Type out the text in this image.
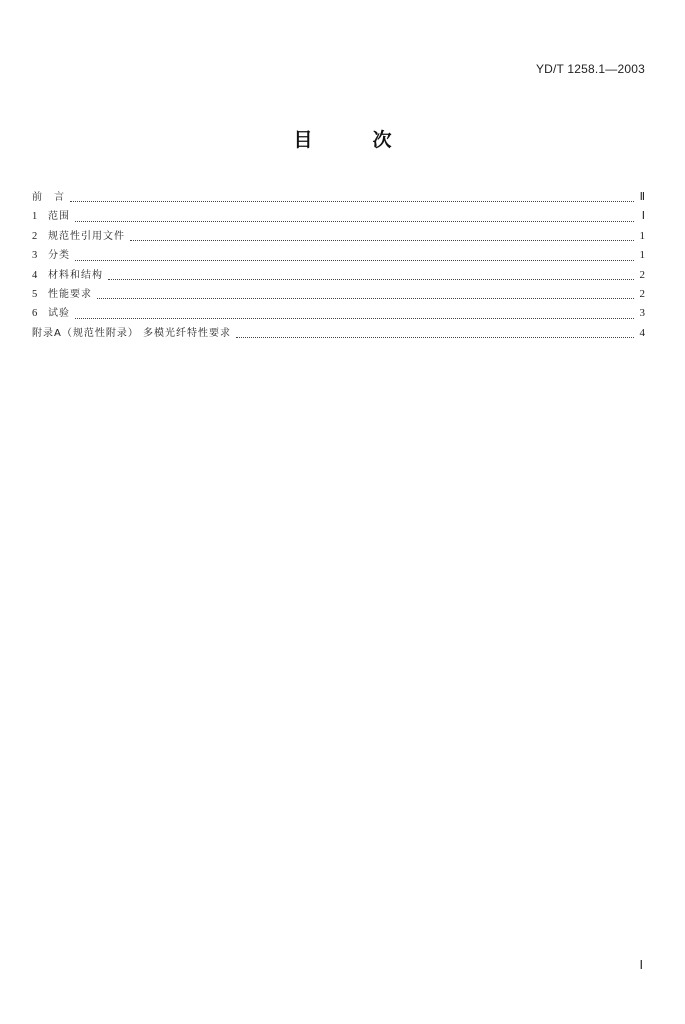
YD/T 1258.1—2003
目	次
前　言	Ⅱ
1	范围	Ⅰ
2	规范性引用文件	1
3	分类	1
4	材料和结构	2
5	性能要求	2
6	试验	3
附录A（规范性附录） 多模光纤特性要求	4
Ⅰ
